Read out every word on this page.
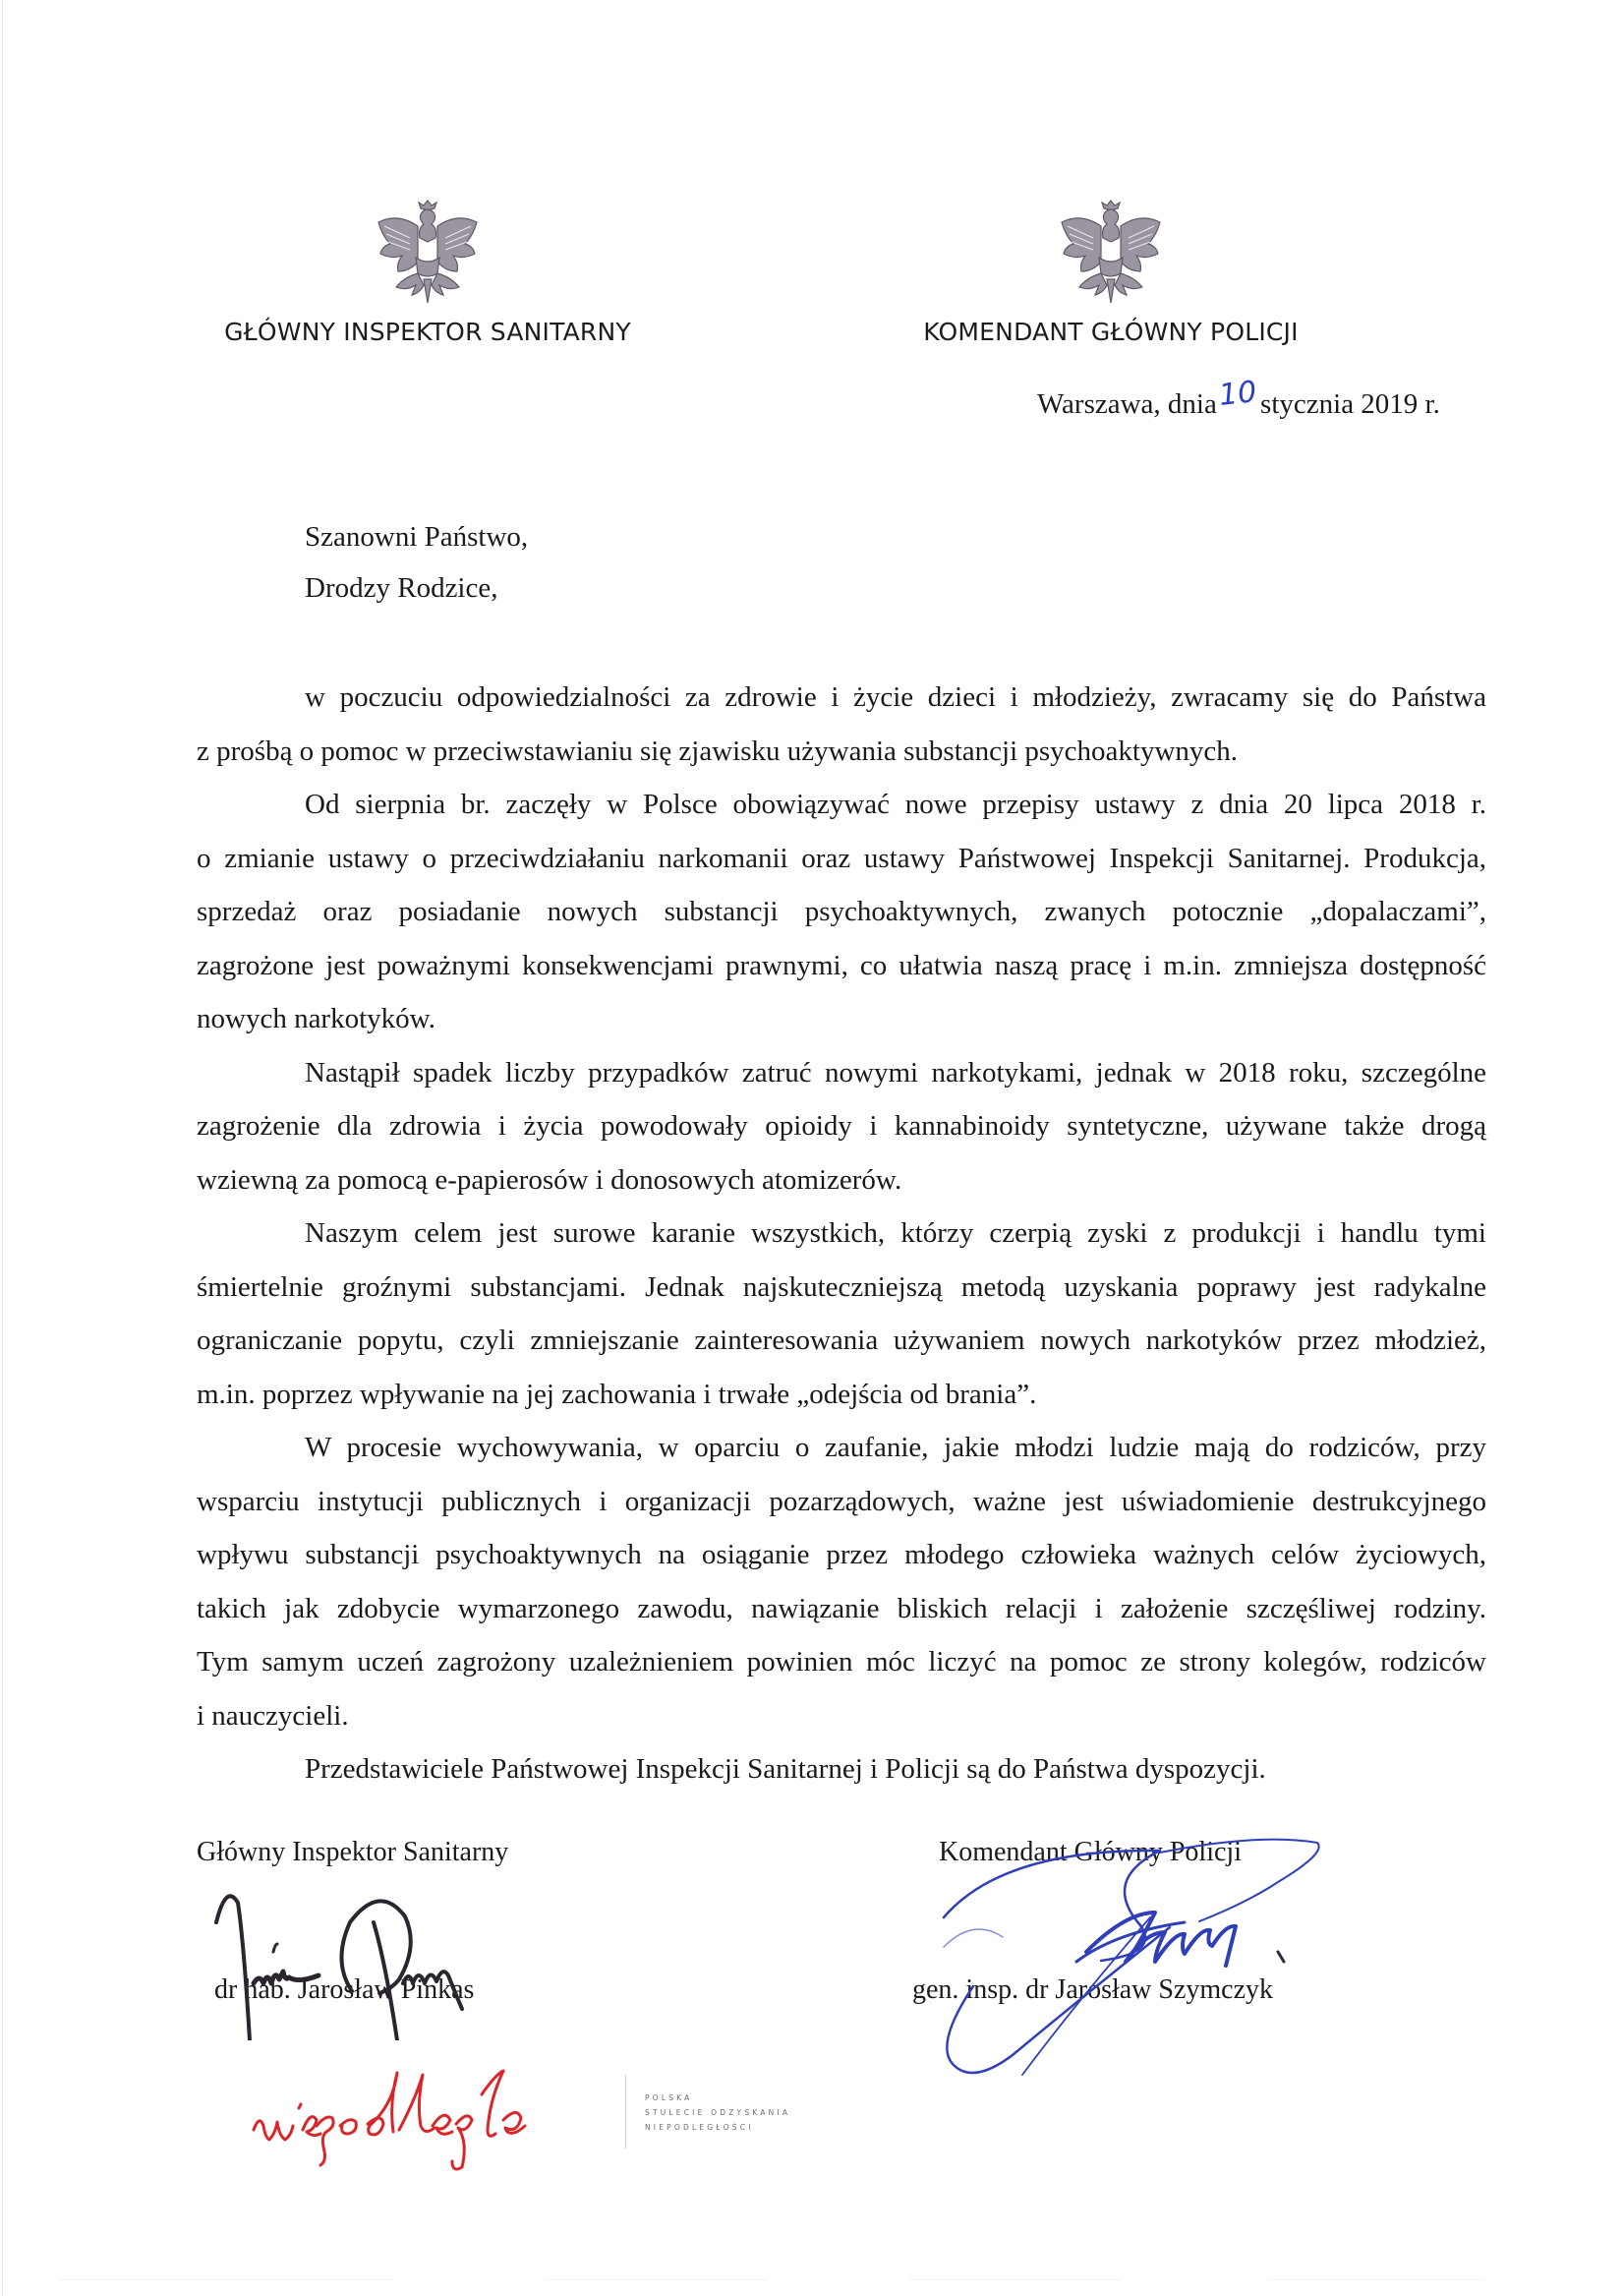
GŁÓWNY INSPEKTOR SANITARNY	KOMENDANT GŁÓWNY POLICJI
Warszawa, dnia10stycznia 2019 r.
Szanowni Państwo,
Drodzy Rodzice,
w poczuciu odpowiedzialności za zdrowie i życie dzieci i młodzieży, zwracamy się do Państwa
z prośbą o pomoc w przeciwstawianiu się zjawisku używania substancji psychoaktywnych.
Od sierpnia br. zaczęły w Polsce obowiązywać nowe przepisy ustawy z dnia 20 lipca 2018 r.
o zmianie ustawy o przeciwdziałaniu narkomanii oraz ustawy Państwowej Inspekcji Sanitarnej. Produkcja,
sprzedaż oraz posiadanie nowych substancji psychoaktywnych, zwanych potocznie „dopalaczami”,
zagrożone jest poważnymi konsekwencjami prawnymi, co ułatwia naszą pracę i m.in. zmniejsza dostępność
nowych narkotyków.
Nastąpił spadek liczby przypadków zatruć nowymi narkotykami, jednak w 2018 roku, szczególne
zagrożenie dla zdrowia i życia powodowały opioidy i kannabinoidy syntetyczne, używane także drogą
wziewną za pomocą e-papierosów i donosowych atomizerów.
Naszym celem jest surowe karanie wszystkich, którzy czerpią zyski z produkcji i handlu tymi
śmiertelnie groźnymi substancjami. Jednak najskuteczniejszą metodą uzyskania poprawy jest radykalne
ograniczanie popytu, czyli zmniejszanie zainteresowania używaniem nowych narkotyków przez młodzież,
m.in. poprzez wpływanie na jej zachowania i trwałe „odejścia od brania”.
W procesie wychowywania, w oparciu o zaufanie, jakie młodzi ludzie mają do rodziców, przy
wsparciu instytucji publicznych i organizacji pozarządowych, ważne jest uświadomienie destrukcyjnego
wpływu substancji psychoaktywnych na osiąganie przez młodego człowieka ważnych celów życiowych,
takich jak zdobycie wymarzonego zawodu, nawiązanie bliskich relacji i założenie szczęśliwej rodziny.
Tym samym uczeń zagrożony uzależnieniem powinien móc liczyć na pomoc ze strony kolegów, rodziców
i nauczycieli.
Przedstawiciele Państwowej Inspekcji Sanitarnej i Policji są do Państwa dyspozycji.
Główny Inspektor Sanitarny
dr hab. Jarosław Pinkas
Komendant Główny Policji
gen. insp. dr Jarosław Szymczyk
POLSKA
STULECIE ODZYSKANIA
NIEPODLEGŁOŚCI
